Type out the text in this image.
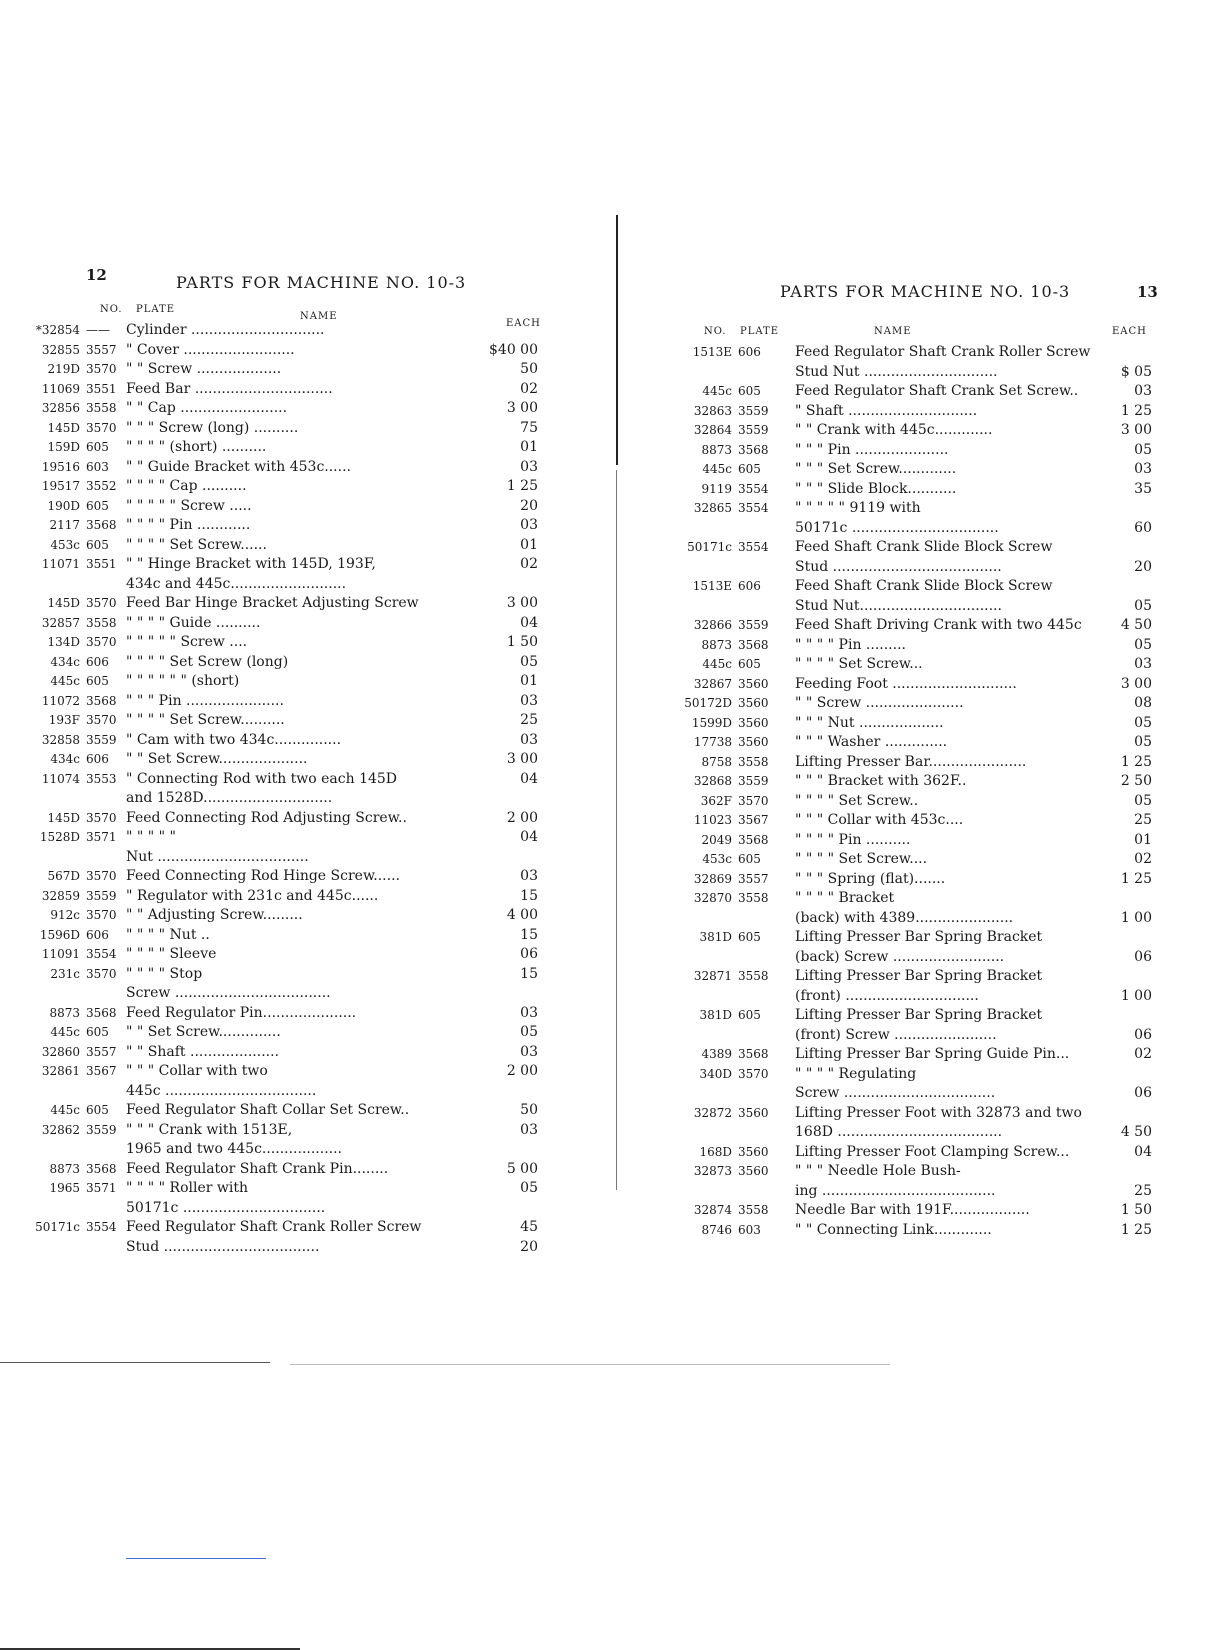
12	PARTS FOR MACHINE NO. 10-3
NO. PLATE
NAME
EACH
*32854 ——	Cylinder ..............................
32855 3557 " Cover .........................	$40 00
219D 3570 " " Screw ...................	50
11069 3551 Feed Bar ...............................	02
32856 3558 " " Cap ........................	3 00
145D 3570 " " " Screw (long) ..........	75
159D 605	" " " " (short) ..........	01
19516 603	" " Guide Bracket with 453c......	03
19517 3552 " " " " Cap ..........	1 25
190D 605	" " " " " Screw .....	20
2117 3568 " " " " Pin ............	03
453c 605	" " " " Set Screw......	01
11071 3551 " " Hinge Bracket with 145D, 193F,	02
434c and 445c..........................
145D 3570 Feed Bar Hinge Bracket Adjusting Screw	3 00
32857 3558 " " " " Guide ..........	04
134D 3570 " " " " " Screw ....	1 50
434c 606	" " " " Set Screw (long)	05
445c 605	" " " " " " (short)	01
11072 3568 " " " Pin ......................	03
193F 3570 " " " " Set Screw..........	25
32858 3559 " Cam with two 434c...............	03
434c 606	" " Set Screw....................	3 00
11074 3553 " Connecting Rod with two each 145D	04
and 1528D.............................
145D 3570 Feed Connecting Rod Adjusting Screw..	2 00
1528D 3571 " " " " "	04
Nut ..................................
567D 3570 Feed Connecting Rod Hinge Screw......	03
32859 3559 " Regulator with 231c and 445c......	15
912c 3570 " " Adjusting Screw.........	4 00
1596D 606	" " " " Nut ..	15
11091 3554 " " " " Sleeve	06
231c 3570 " " " " Stop	15
Screw ...................................
8873 3568 Feed Regulator Pin.....................	03
445c 605	" " Set Screw..............	05
32860 3557 " " Shaft ....................	03
32861 3567 " " " Collar with two	2 00
445c ..................................
445c 605	Feed Regulator Shaft Collar Set Screw..	50
32862 3559 " " " Crank with 1513E,	03
1965 and two 445c..................
8873 3568 Feed Regulator Shaft Crank Pin........	5 00
1965 3571 " " " " Roller with	05
50171c ................................
50171c 3554 Feed Regulator Shaft Crank Roller Screw	45
Stud ...................................	20
PARTS FOR MACHINE NO. 10-3	13
NO. PLATE	NAME	EACH
1513E 606	Feed Regulator Shaft Crank Roller Screw
Stud Nut ..............................	$ 05
445c 605	Feed Regulator Shaft Crank Set Screw..	03
32863 3559	" Shaft .............................	1 25
32864 3559	" " Crank with 445c.............	3 00
8873 3568	" " " Pin .....................	05
445c 605	" " " Set Screw.............	03
9119 3554	" " " Slide Block...........	35
32865 3554	" " " " " 9119 with
50171c .................................	60
50171c 3554	Feed Shaft Crank Slide Block Screw
Stud ......................................	20
1513E 606	Feed Shaft Crank Slide Block Screw
Stud Nut................................	05
32866 3559	Feed Shaft Driving Crank with two 445c	4 50
8873 3568	" " " " Pin .........	05
445c 605	" " " " Set Screw...	03
32867 3560	Feeding Foot ............................	3 00
50172D 3560	" " Screw ......................	08
1599D 3560	" " " Nut ...................	05
17738 3560	" " " Washer ..............	05
8758 3558	Lifting Presser Bar......................	1 25
32868 3559	" " " Bracket with 362F..	2 50
362F 3570	" " " " Set Screw..	05
11023 3567	" " " Collar with 453c....	25
2049 3568	" " " " Pin ..........	01
453c 605	" " " " Set Screw....	02
32869 3557	" " " Spring (flat).......	1 25
32870 3558	" " " " Bracket
(back) with 4389......................	1 00
381D 605	Lifting Presser Bar Spring Bracket
(back) Screw .........................	06
32871 3558	Lifting Presser Bar Spring Bracket
(front) ..............................	1 00
381D 605	Lifting Presser Bar Spring Bracket
(front) Screw .......................	06
4389 3568	Lifting Presser Bar Spring Guide Pin...	02
340D 3570	" " " " Regulating
Screw ..................................	06
32872 3560	Lifting Presser Foot with 32873 and two
168D .....................................	4 50
168D 3560	Lifting Presser Foot Clamping Screw...	04
32873 3560	" " " Needle Hole Bush-
ing .......................................	25
32874 3558	Needle Bar with 191F..................	1 50
8746 603	" " Connecting Link.............	1 25
